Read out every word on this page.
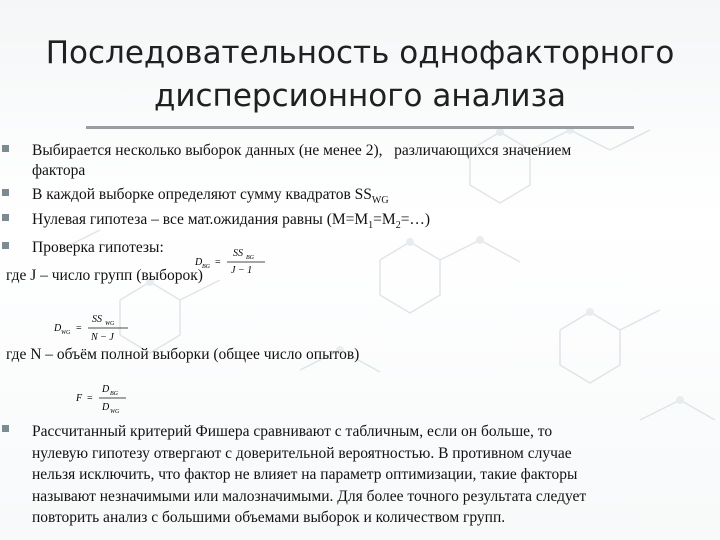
Последовательность однофакторного
дисперсионного анализа
Выбирается несколько выборок данных (не менее 2),   различающихся значением
фактора
В каждой выборке определяют сумму квадратов $SS_{WG}$
Нулевая гипотеза – все мат.ожидания равны $(M=M_1=M_2=\dots)$
Проверка гипотезы:
D BG =
SS BG
J − 1
где J – число групп (выборок)
D WG =
SS WG
N − J
где N – объём полной выборки (общее число опытов)
F =
D BG
D WG
Рассчитанный критерий Фишера сравнивают с табличным, если он больше, то
нулевую гипотезу отвергают с доверительной вероятностью. В противном случае
нельзя исключить, что фактор не влияет на параметр оптимизации, такие факторы
называют незначимыми или малозначимыми. Для более точного результата следует
повторить анализ с большими объемами выборок и количеством групп.
